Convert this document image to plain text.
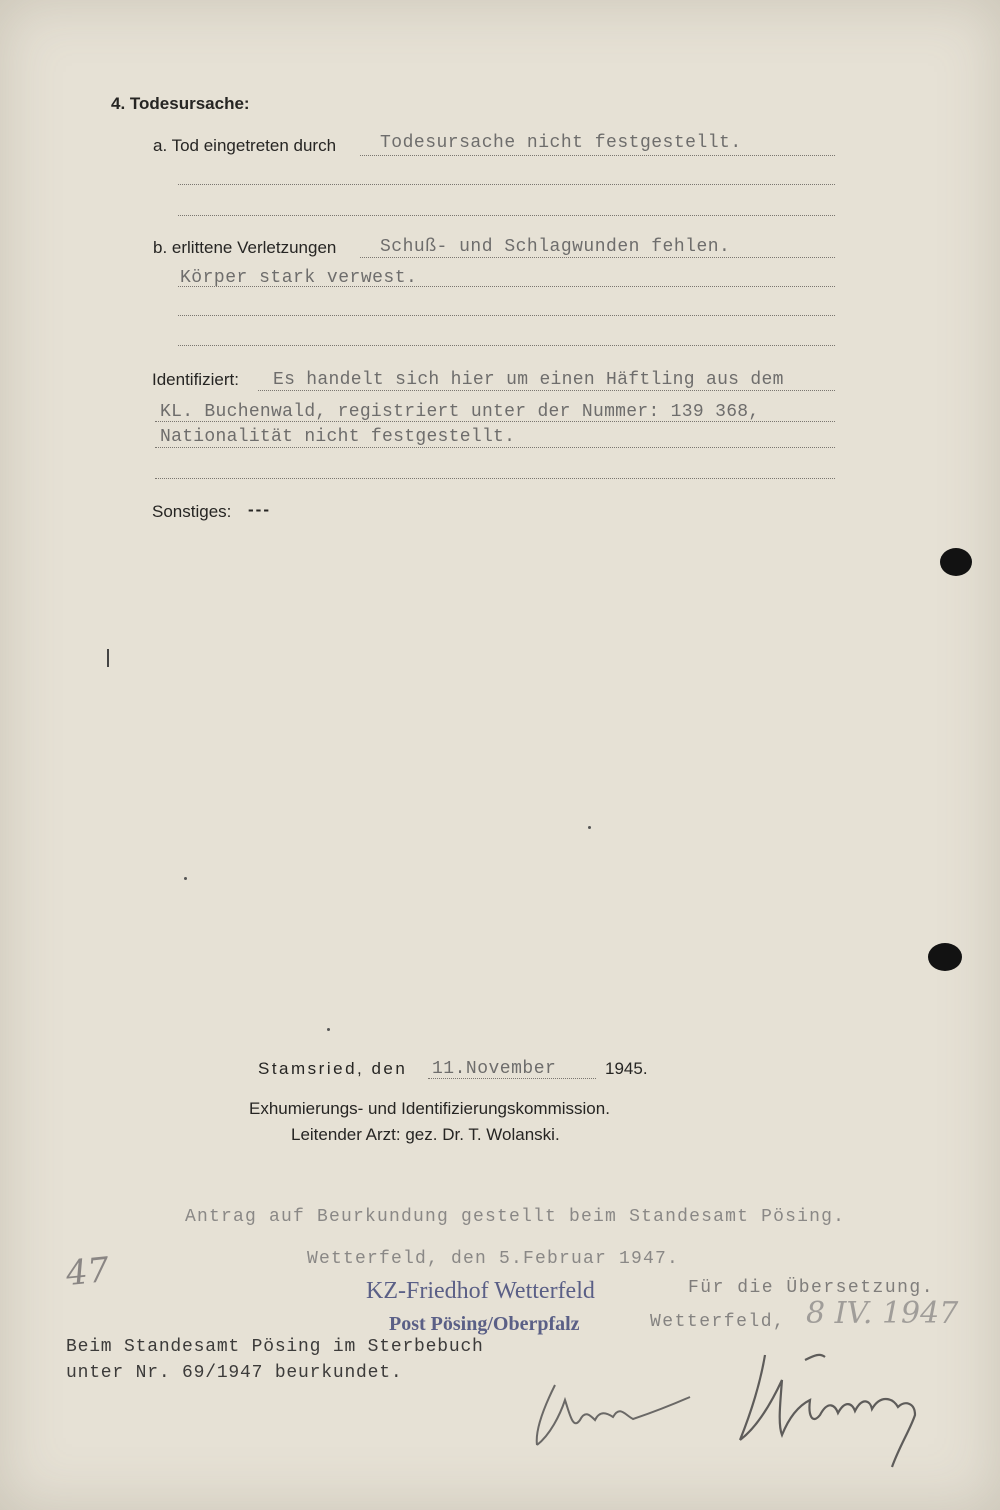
4. Todesursache:
a. Tod eingetreten durch Todesursache nicht festgestellt.
b. erlittene Verletzungen Schuß- und Schlagwunden fehlen.
Körper stark verwest.
Identifiziert: Es handelt sich hier um einen Häftling aus dem
KL. Buchenwald, registriert unter der Nummer: 139 368,
Nationalität nicht festgestellt.
Sonstiges: ---
Stamsried, den 11.November	1945.
Exhumierungs- und Identifizierungskommission.
Leitender Arzt: gez. Dr. T. Wolanski.
Antrag auf Beurkundung gestellt beim Standesamt Pösing.
Wetterfeld, den 5.Februar 1947.
47	KZ-Friedhof Wetterfeld
Post Pösing/Oberpfalz
Für die Übersetzung.
Wetterfeld, 8 IV. 1947
Beim Standesamt Pösing im Sterbebuch
unter Nr. 69/1947 beurkundet.
